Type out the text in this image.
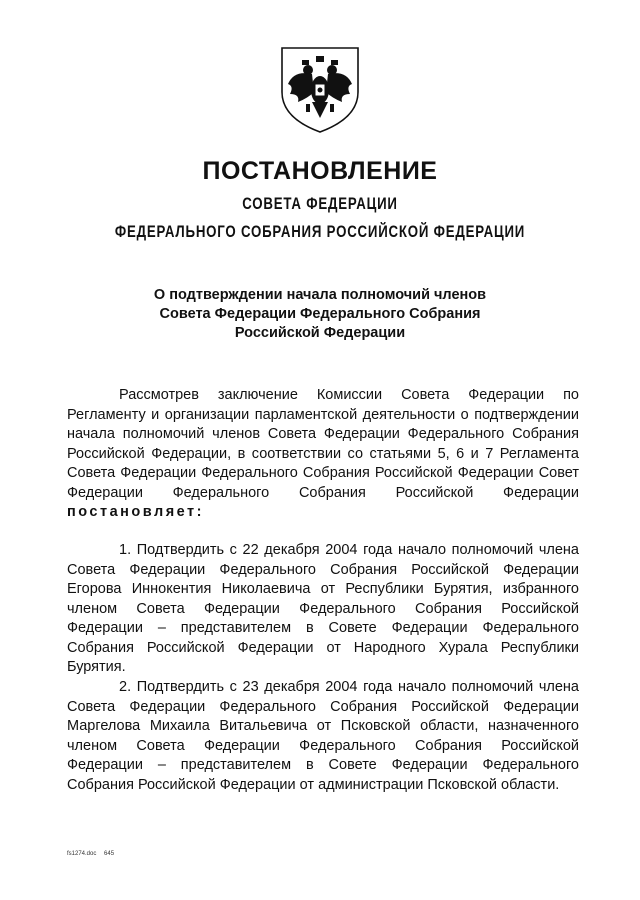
ПОСТАНОВЛЕНИЕ
СОВЕТА ФЕДЕРАЦИИ
ФЕДЕРАЛЬНОГО СОБРАНИЯ РОССИЙСКОЙ ФЕДЕРАЦИИ
О подтверждении начала полномочий членов
Совета Федерации Федерального Собрания
Российской Федерации

Рассмотрев заключение Комиссии Совета Федерации по Регламенту и организации парламентской деятельности о подтверждении начала полномочий членов Совета Федерации Федерального Собрания Российской Федерации, в соответствии со статьями 5, 6 и 7 Регламента Совета Федерации Федерального Собрания Российской Федерации Совет Федерации Федерального Собрания Российской Федерации постановляет:

1. Подтвердить с 22 декабря 2004 года начало полномочий члена Совета Федерации Федерального Собрания Российской Федерации Егорова Иннокентия Николаевича от Республики Бурятия, избранного членом Совета Федерации Федерального Собрания Российской Федерации – представителем в Совете Федерации Федерального Собрания Российской Федерации от Народного Хурала Республики Бурятия.

2. Подтвердить с 23 декабря 2004 года начало полномочий члена Совета Федерации Федерального Собрания Российской Федерации Маргелова Михаила Витальевича от Псковской области, назначенного членом Совета Федерации Федерального Собрания Российской Федерации – представителем в Совете Федерации Федерального Собрания Российской Федерации от администрации Псковской области.

fs1274.doc 645
